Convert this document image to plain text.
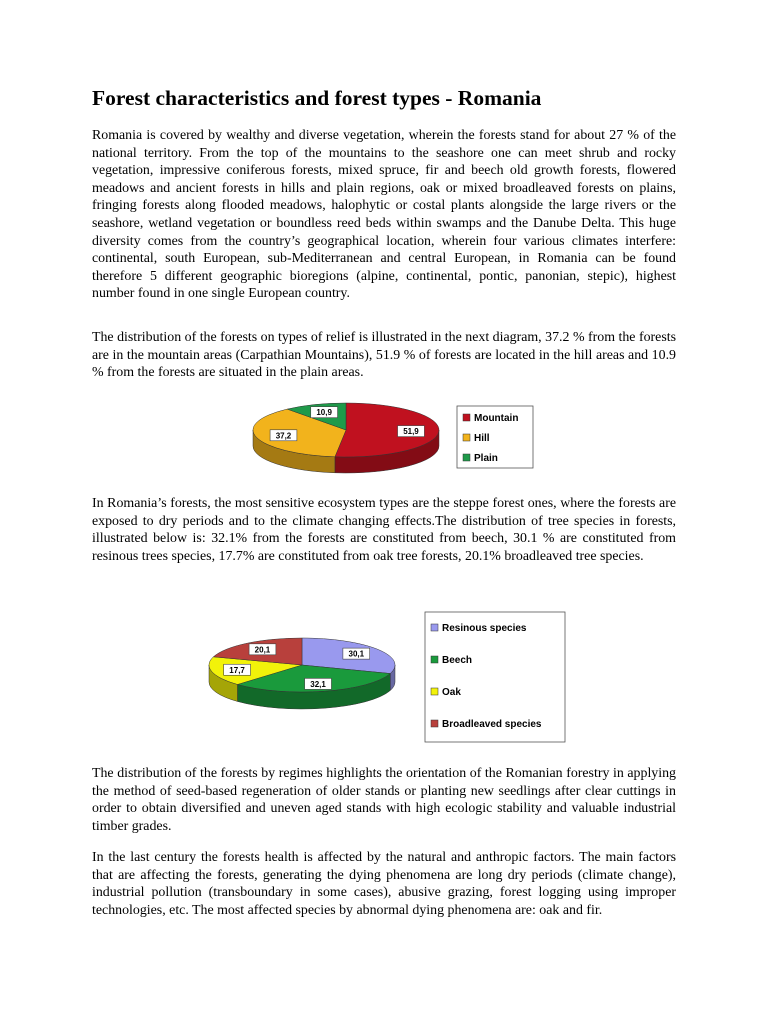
Forest characteristics and forest types - Romania

Romania is covered by wealthy and diverse vegetation, wherein the forests stand for about 27 % of the national territory. From the top of the mountains to the seashore one can meet shrub and rocky vegetation, impressive coniferous forests, mixed spruce, fir and beech old growth forests, flowered meadows and ancient forests in hills and plain regions, oak or mixed broadleaved forests on plains, fringing forests along flooded meadows, halophytic or costal plants alongside the large rivers or the seashore, wetland vegetation or boundless reed beds within swamps and the Danube Delta. This huge diversity comes from the country’s geographical location, wherein four various climates interfere: continental, south European, sub-Mediterranean and central European, in Romania can be found therefore 5 different geographic bioregions (alpine, continental, pontic, panonian, stepic), highest number found in one single European country.

The distribution of the forests on types of relief is illustrated in the next diagram, 37.2 % from the forests are in the mountain areas (Carpathian Mountains), 51.9 % of forests are located in the hill areas and 10.9 % from the forests are situated in the plain areas.

51,9
37,2
10,9
Mountain
Hill
Plain

In Romania’s forests, the most sensitive ecosystem types are the steppe forest ones, where the forests are exposed to dry periods and to the climate changing effects.The distribution of tree species in forests, illustrated below is: 32.1% from the forests are constituted from beech, 30.1 % are constituted from resinous trees species, 17.7% are constituted from oak tree forests, 20.1% broadleaved tree species.

30,1
32,1
17,7
20,1
Resinous species
Beech
Oak
Broadleaved species

The distribution of the forests by regimes highlights the orientation of the Romanian forestry in applying the method of seed-based regeneration of older stands or planting new seedlings after clear cuttings in order to obtain diversified and uneven aged stands with high ecologic stability and valuable industrial timber grades.

In the last century the forests health is affected by the natural and anthropic factors. The main factors that are affecting the forests, generating the dying phenomena are long dry periods (climate change), industrial pollution (transboundary in some cases), abusive grazing, forest logging using improper technologies, etc. The most affected species by abnormal dying phenomena are: oak and fir.
